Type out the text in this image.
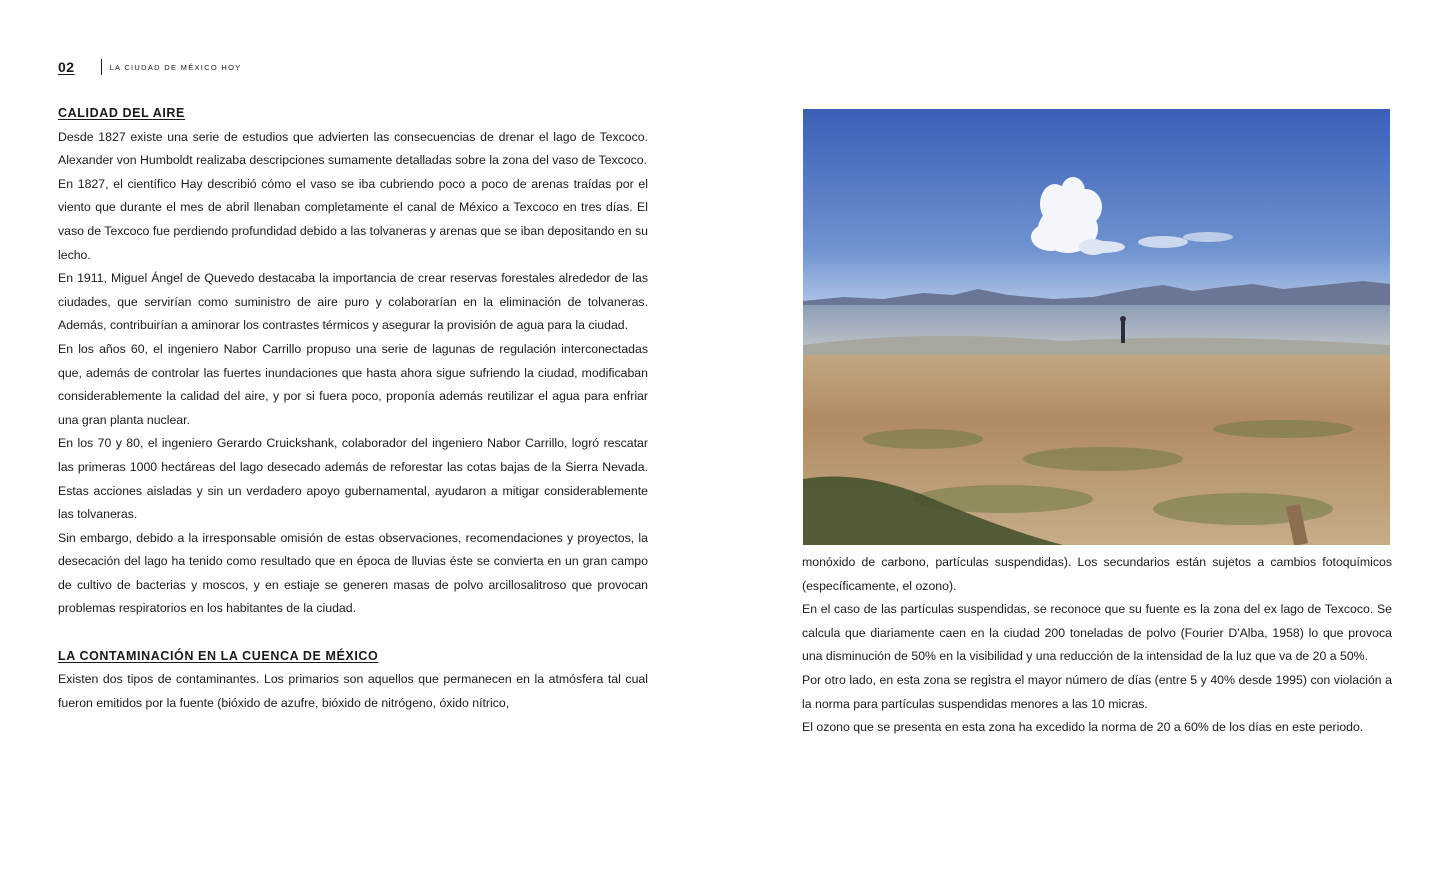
02	LA CIUDAD DE MÉXICO HOY

CALIDAD DEL AIRE

Desde 1827 existe una serie de estudios que advierten las consecuencias de drenar el lago de Texcoco. Alexander von Humboldt realizaba descripciones sumamente detalladas sobre la zona del vaso de Texcoco.

En 1827, el científico Hay describió cómo el vaso se iba cubriendo poco a poco de arenas traídas por el viento que durante el mes de abril llenaban completamente el canal de México a Texcoco en tres días. El vaso de Texcoco fue perdiendo profundidad debido a las tolvaneras y arenas que se iban depositando en su lecho.

En 1911, Miguel Ángel de Quevedo destacaba la importancia de crear reservas forestales alrededor de las ciudades, que servirían como suministro de aire puro y colaborarían en la eliminación de tolvaneras. Además, contribuirían a aminorar los contrastes térmicos y asegurar la provisión de agua para la ciudad.

En los años 60, el ingeniero Nabor Carrillo propuso una serie de lagunas de regulación interconectadas que, además de controlar las fuertes inundaciones que hasta ahora sigue sufriendo la ciudad, modificaban considerablemente la calidad del aire, y por si fuera poco, proponía además reutilizar el agua para enfriar una gran planta nuclear.

En los 70 y 80, el ingeniero Gerardo Cruickshank, colaborador del ingeniero Nabor Carrillo, logró rescatar las primeras 1000 hectáreas del lago desecado además de reforestar las cotas bajas de la Sierra Nevada. Estas acciones aisladas y sin un verdadero apoyo gubernamental, ayudaron a mitigar considerablemente las tolvaneras.

Sin embargo, debido a la irresponsable omisión de estas observaciones, recomendaciones y proyectos, la desecación del lago ha tenido como resultado que en época de lluvias éste se convierta en un gran campo de cultivo de bacterias y moscos, y en estiaje se generen masas de polvo arcillosalitroso que provocan problemas respiratorios en los habitantes de la ciudad.

LA CONTAMINACIÓN EN LA CUENCA DE MÉXICO

Existen dos tipos de contaminantes. Los primarios son aquellos que permanecen en la atmósfera tal cual fueron emitidos por la fuente (bióxido de azufre, bióxido de nitrógeno, óxido nítrico,

monóxido de carbono, partículas suspendidas). Los secundarios están sujetos a cambios fotoquímicos (específicamente, el ozono).

En el caso de las partículas suspendidas, se reconoce que su fuente es la zona del ex lago de Texcoco. Se calcula que diariamente caen en la ciudad 200 toneladas de polvo (Fourier D'Alba, 1958) lo que provoca una disminución de 50% en la visibilidad y una reducción de la intensidad de la luz que va de 20 a 50%.

Por otro lado, en esta zona se registra el mayor número de días (entre 5 y 40% desde 1995) con violación a la norma para partículas suspendidas menores a las 10 micras.

El ozono que se presenta en esta zona ha excedido la norma de 20 a 60% de los días en este periodo.
